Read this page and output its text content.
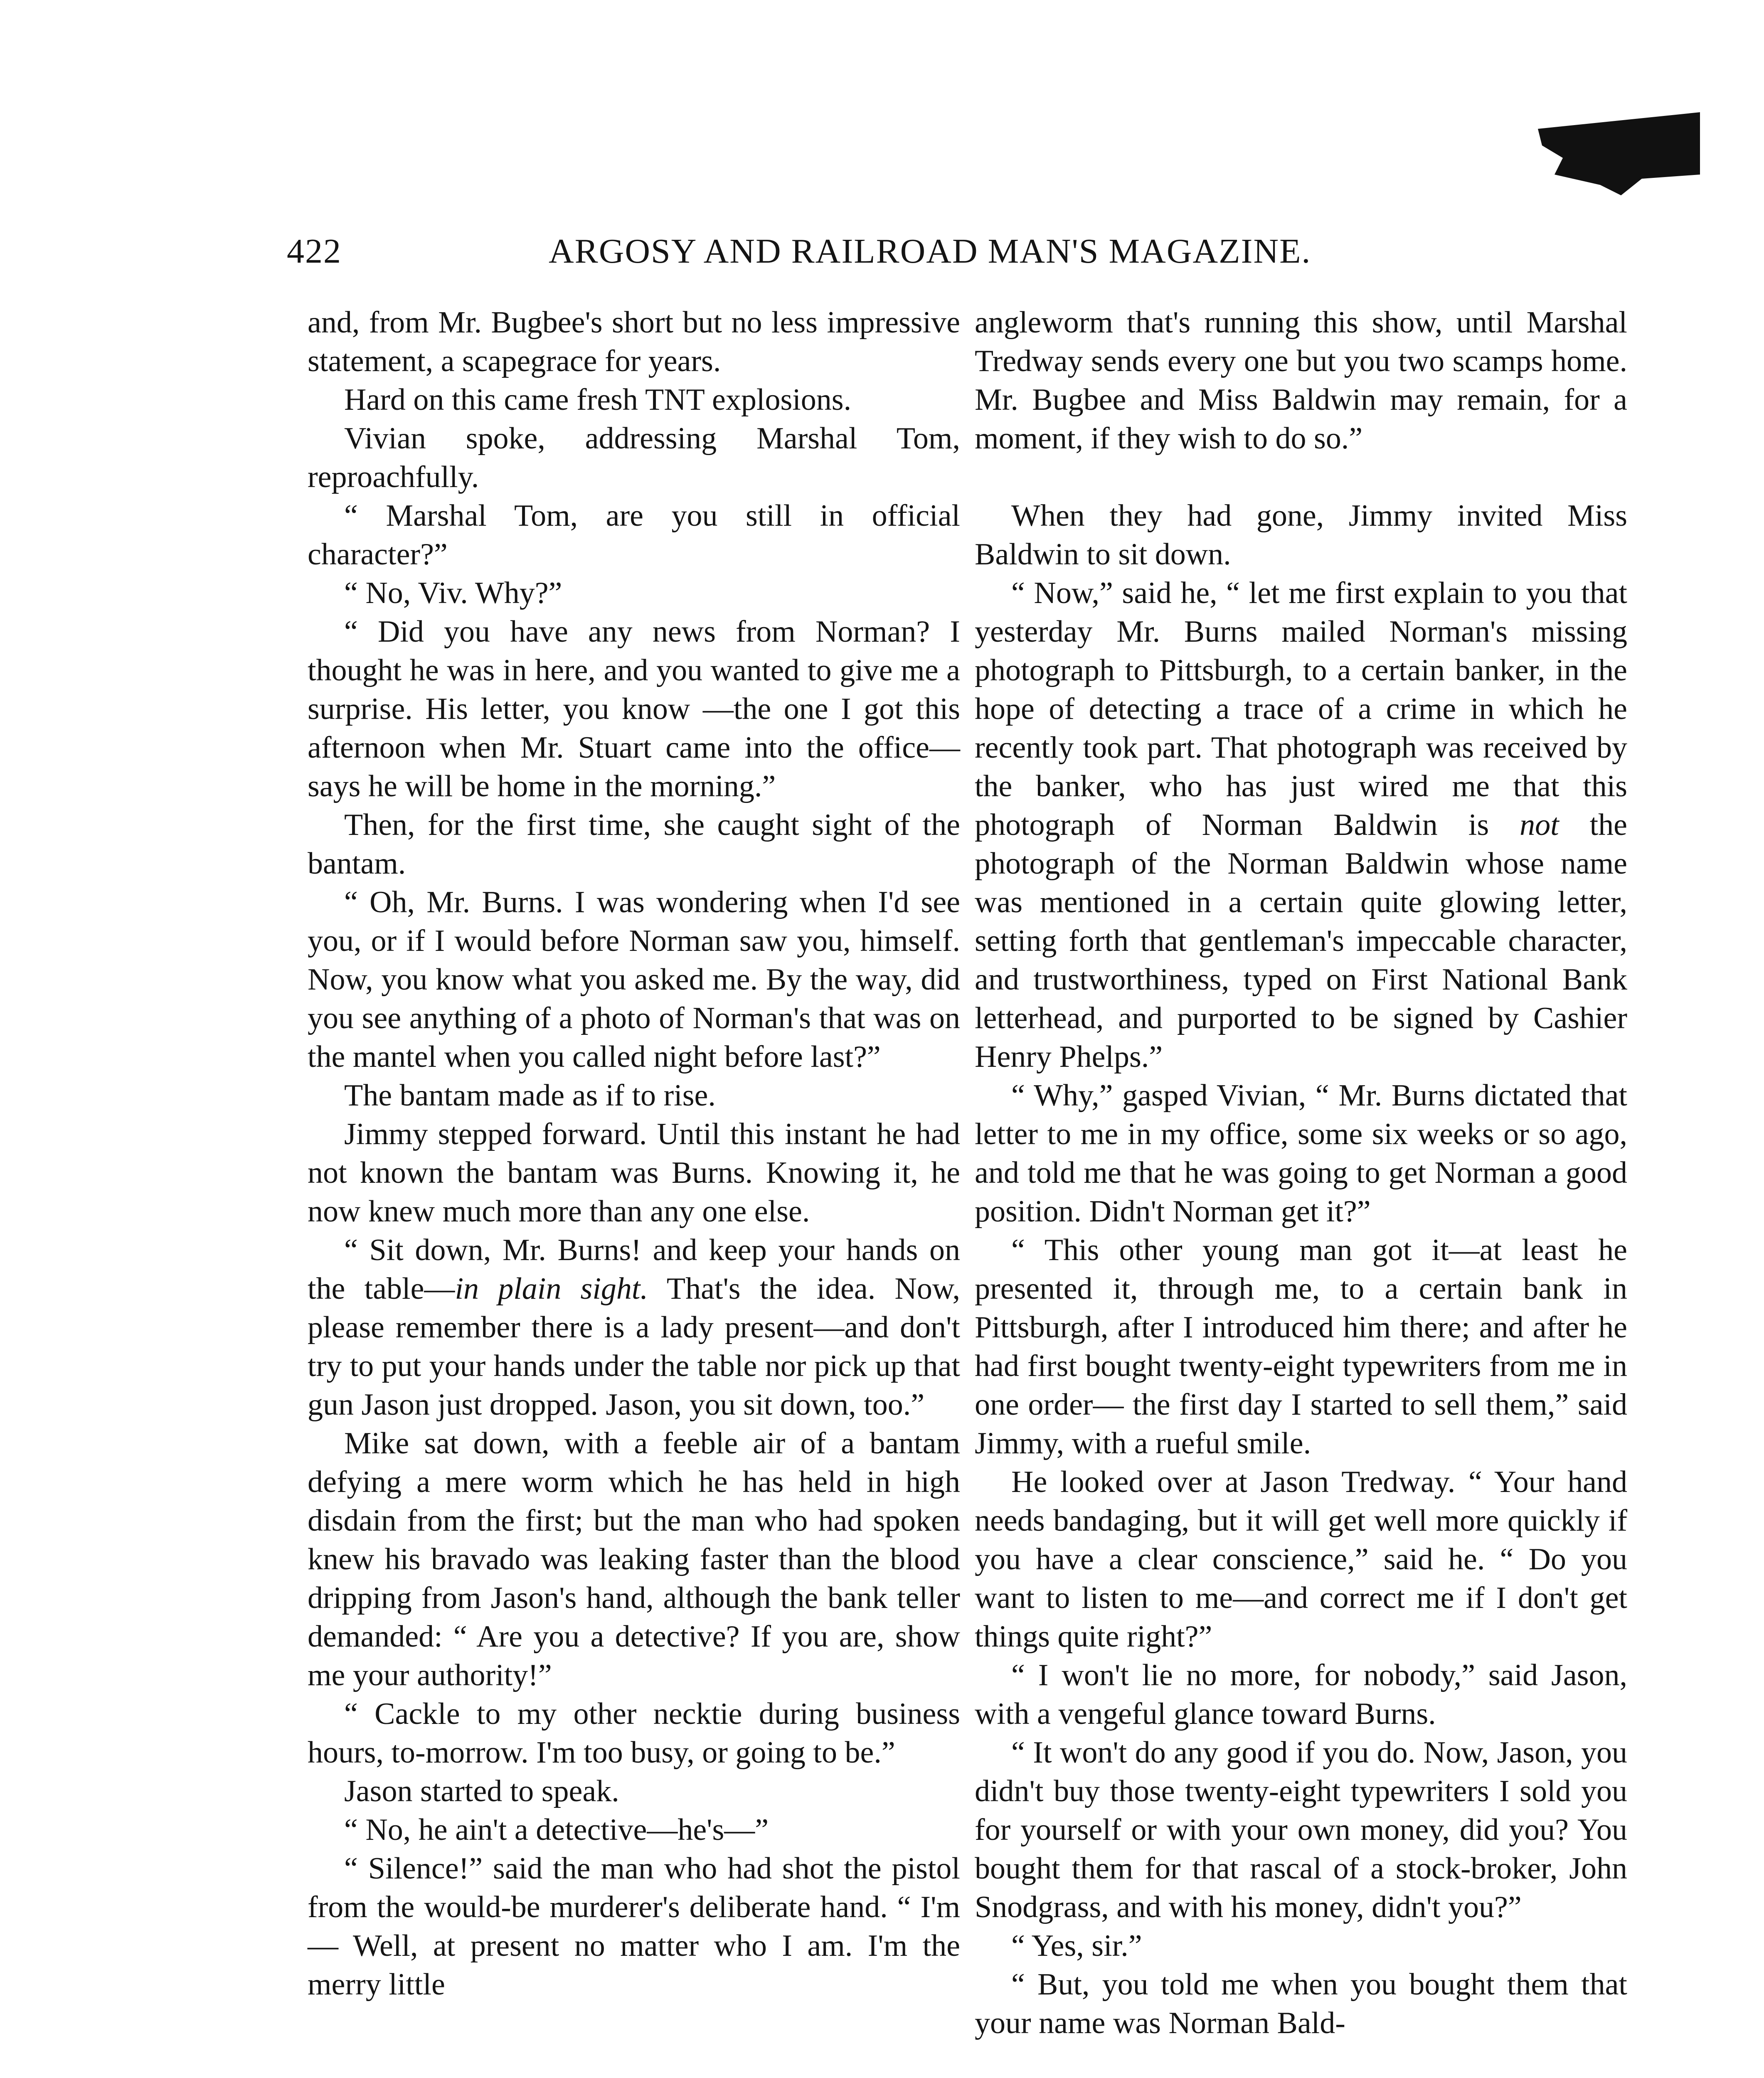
422	ARGOSY AND RAILROAD MAN'S MAGAZINE.

and, from Mr. Bugbee's short but no less impressive statement, a scapegrace for years.

Hard on this came fresh TNT explosions.

Vivian spoke, addressing Marshal Tom, reproachfully.

“ Marshal Tom, are you still in official character?”

“ No, Viv. Why?”

“ Did you have any news from Norman? I thought he was in here, and you wanted to give me a surprise. His letter, you know —the one I got this afternoon when Mr. Stuart came into the office—says he will be home in the morning.”

Then, for the first time, she caught sight of the bantam.

“ Oh, Mr. Burns. I was wondering when I'd see you, or if I would before Norman saw you, himself. Now, you know what you asked me. By the way, did you see anything of a photo of Norman's that was on the mantel when you called night before last?”

The bantam made as if to rise.

Jimmy stepped forward. Until this instant he had not known the bantam was Burns. Knowing it, he now knew much more than any one else.

“ Sit down, Mr. Burns! and keep your hands on the table—in plain sight. That's the idea. Now, please remember there is a lady present—and don't try to put your hands under the table nor pick up that gun Jason just dropped. Jason, you sit down, too.”

Mike sat down, with a feeble air of a bantam defying a mere worm which he has held in high disdain from the first; but the man who had spoken knew his bravado was leaking faster than the blood dripping from Jason's hand, although the bank teller demanded: “ Are you a detective? If you are, show me your authority!”

“ Cackle to my other necktie during business hours, to-morrow. I'm too busy, or going to be.”

Jason started to speak.

“ No, he ain't a detective—he's—”

“ Silence!” said the man who had shot the pistol from the would-be murderer's deliberate hand. “ I'm— Well, at present no matter who I am. I'm the merry little

angleworm that's running this show, until Marshal Tredway sends every one but you two scamps home. Mr. Bugbee and Miss Baldwin may remain, for a moment, if they wish to do so.”

When they had gone, Jimmy invited Miss Baldwin to sit down.

“ Now,” said he, “ let me first explain to you that yesterday Mr. Burns mailed Norman's missing photograph to Pittsburgh, to a certain banker, in the hope of detecting a trace of a crime in which he recently took part. That photograph was received by the banker, who has just wired me that this photograph of Norman Baldwin is not the photograph of the Norman Baldwin whose name was mentioned in a certain quite glowing letter, setting forth that gentleman's impeccable character, and trustworthiness, typed on First National Bank letterhead, and purported to be signed by Cashier Henry Phelps.”

“ Why,” gasped Vivian, “ Mr. Burns dictated that letter to me in my office, some six weeks or so ago, and told me that he was going to get Norman a good position. Didn't Norman get it?”

“ This other young man got it—at least he presented it, through me, to a certain bank in Pittsburgh, after I introduced him there; and after he had first bought twenty-eight typewriters from me in one order— the first day I started to sell them,” said Jimmy, with a rueful smile.

He looked over at Jason Tredway. “ Your hand needs bandaging, but it will get well more quickly if you have a clear conscience,” said he. “ Do you want to listen to me—and correct me if I don't get things quite right?”

“ I won't lie no more, for nobody,” said Jason, with a vengeful glance toward Burns.

“ It won't do any good if you do. Now, Jason, you didn't buy those twenty-eight typewriters I sold you for yourself or with your own money, did you? You bought them for that rascal of a stock-broker, John Snodgrass, and with his money, didn't you?”

“ Yes, sir.”

“ But, you told me when you bought them that your name was Norman Bald-
